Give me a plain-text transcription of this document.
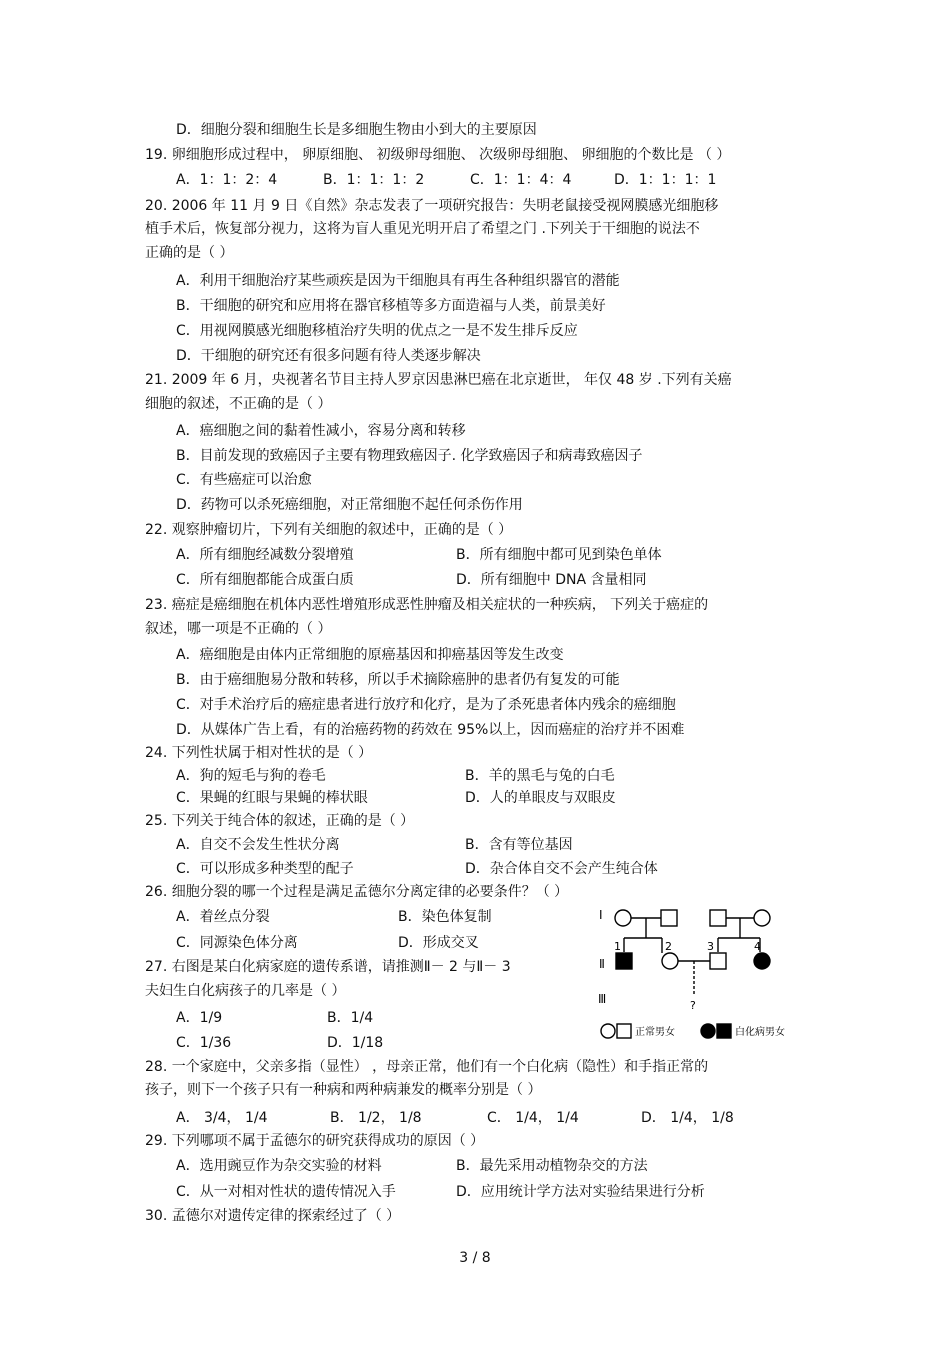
D．细胞分裂和细胞生长是多细胞生物由小到大的主要原因
19. 卵细胞形成过程中， 卵原细胞、 初级卵母细胞、 次级卵母细胞、 卵细胞的个数比是 （ ）
A．1：1：2：4	B．1：1：1：2	C．1：1：4：4	D．1：1：1：1
20. 2006 年 11 月 9 日《自然》杂志发表了一项研究报告：失明老鼠接受视网膜感光细胞移
植手术后，恢复部分视力，这将为盲人重见光明开启了希望之门 .下列关于干细胞的说法不
正确的是（ ）
A．利用干细胞治疗某些顽疾是因为干细胞具有再生各种组织器官的潜能
B．干细胞的研究和应用将在器官移植等多方面造福与人类，前景美好
C．用视网膜感光细胞移植治疗失明的优点之一是不发生排斥反应
D．干细胞的研究还有很多问题有待人类逐步解决
21. 2009 年 6 月，央视著名节目主持人罗京因患淋巴癌在北京逝世， 年仅 48 岁 .下列有关癌
细胞的叙述，不正确的是（ ）
A．癌细胞之间的黏着性减小，容易分离和转移
B．目前发现的致癌因子主要有物理致癌因子. 化学致癌因子和病毒致癌因子
C．有些癌症可以治愈
D．药物可以杀死癌细胞，对正常细胞不起任何杀伤作用
22. 观察肿瘤切片，下列有关细胞的叙述中，正确的是（ ）
A．所有细胞经减数分裂增殖	B．所有细胞中都可见到染色单体
C．所有细胞都能合成蛋白质	D．所有细胞中 DNA 含量相同
23. 癌症是癌细胞在机体内恶性增殖形成恶性肿瘤及相关症状的一种疾病， 下列关于癌症的
叙述，哪一项是不正确的（ ）
A．癌细胞是由体内正常细胞的原癌基因和抑癌基因等发生改变
B．由于癌细胞易分散和转移，所以手术摘除癌肿的患者仍有复发的可能
C．对手术治疗后的癌症患者进行放疗和化疗，是为了杀死患者体内残余的癌细胞
D．从媒体广告上看，有的治癌药物的药效在 95%以上，因而癌症的治疗并不困难
24. 下列性状属于相对性状的是（ ）
A．狗的短毛与狗的卷毛	B．羊的黑毛与兔的白毛
C．果蝇的红眼与果蝇的棒状眼	D．人的单眼皮与双眼皮
25. 下列关于纯合体的叙述，正确的是（ ）
A．自交不会发生性状分离	B．含有等位基因
C．可以形成多种类型的配子	D．杂合体自交不会产生纯合体
26. 细胞分裂的哪一个过程是满足孟德尔分离定律的必要条件？（ ）
A．着丝点分裂	B．染色体复制
C．同源染色体分离	D．形成交叉
27. 右图是某白化病家庭的遗传系谱，请推测Ⅱ－ 2 与Ⅱ－ 3
夫妇生白化病孩子的几率是（ ）
A．1/9	B．1/4
C．1/36	D．1/18
28. 一个家庭中，父亲多指（显性） ，母亲正常，他们有一个白化病（隐性）和手指正常的
孩子，则下一个孩子只有一种病和两种病兼发的概率分别是（ ）
A． 3/4， 1/4	B． 1/2， 1/8	C． 1/4， 1/4	D． 1/4， 1/8
29. 下列哪项不属于孟德尔的研究获得成功的原因（ ）
A．选用豌豆作为杂交实验的材料	B．最先采用动植物杂交的方法
C．从一对相对性状的遗传情况入手	D．应用统计学方法对实验结果进行分析
30. 孟德尔对遗传定律的探索经过了（ ）
Ⅰ
Ⅱ
Ⅲ
1	2	3	4
?
正常男女	白化病男女
3 / 8
